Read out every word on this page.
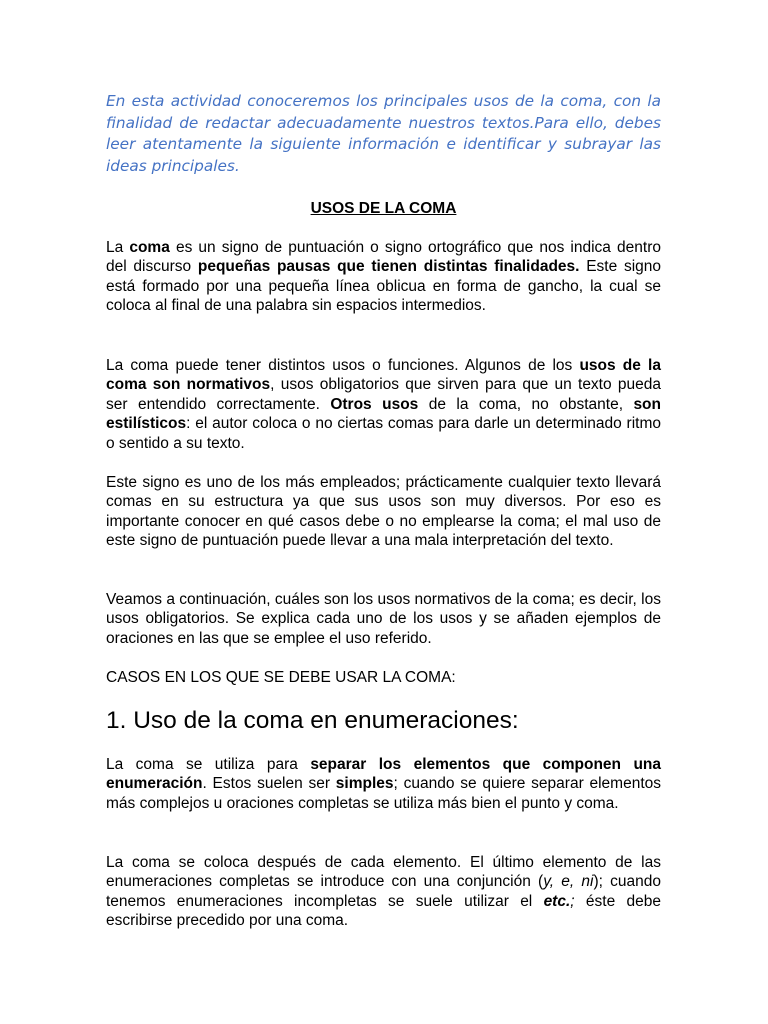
En esta actividad conoceremos los principales usos de la coma, con la finalidad de redactar adecuadamente nuestros textos.Para ello, debes leer atentamente la siguiente información e identificar y subrayar las ideas principales.

USOS DE LA COMA

La coma es un signo de puntuación o signo ortográfico que nos indica dentro del discurso pequeñas pausas que tienen distintas finalidades. Este signo está formado por una pequeña línea oblicua en forma de gancho, la cual se coloca al final de una palabra sin espacios intermedios.

La coma puede tener distintos usos o funciones. Algunos de los usos de la coma son normativos, usos obligatorios que sirven para que un texto pueda ser entendido correctamente. Otros usos de la coma, no obstante, son estilísticos: el autor coloca o no ciertas comas para darle un determinado ritmo o sentido a su texto.

Este signo es uno de los más empleados; prácticamente cualquier texto llevará comas en su estructura ya que sus usos son muy diversos. Por eso es importante conocer en qué casos debe o no emplearse la coma; el mal uso de este signo de puntuación puede llevar a una mala interpretación del texto.

Veamos a continuación, cuáles son los usos normativos de la coma; es decir, los usos obligatorios. Se explica cada uno de los usos y se añaden ejemplos de oraciones en las que se emplee el uso referido.

CASOS EN LOS QUE SE DEBE USAR LA COMA:

1. Uso de la coma en enumeraciones:

La coma se utiliza para separar los elementos que componen una enumeración. Estos suelen ser simples; cuando se quiere separar elementos más complejos u oraciones completas se utiliza más bien el punto y coma.

La coma se coloca después de cada elemento. El último elemento de las enumeraciones completas se introduce con una conjunción (y, e, ni); cuando tenemos enumeraciones incompletas se suele utilizar el etc.; éste debe escribirse precedido por una coma.
